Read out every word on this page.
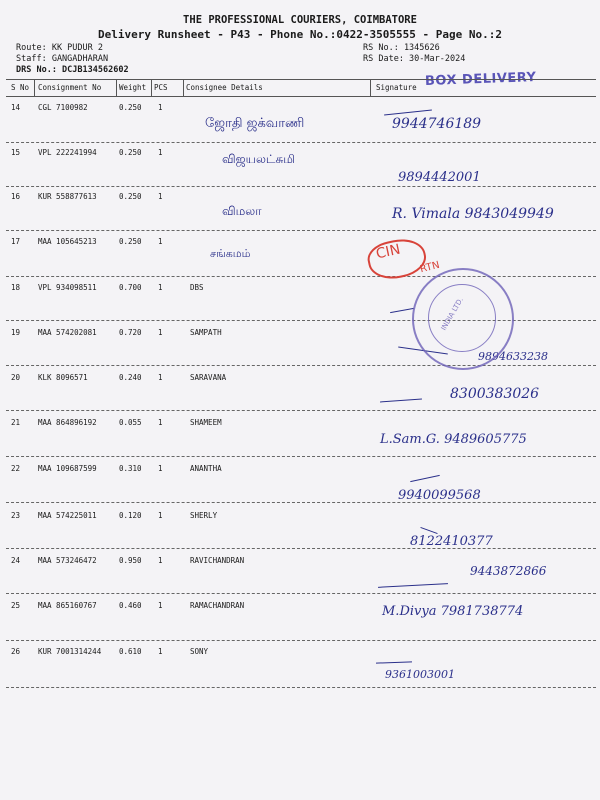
THE PROFESSIONAL COURIERS, COIMBATORE
Delivery Runsheet - P43 - Phone No.:0422-3505555 - Page No.:2
Route: KK PUDUR 2
Staff: GANGADHARAN
DRS No.: DCJB134562602
RS No.: 1345626
RS Date: 30-Mar-2024
BOX DELIVERY
S No Consignment No Weight PCS Consignee Details	Signature
14 CGL 7100982	0.250 1
ஜோதி ஜக்வாணி	9944746189
15 VPL 222241994	0.250 1	விஜயலட்சுமி
9894442001
16 KUR 558877613	0.250 1
விமலா	R. Vimala 9843049949
17 MAA 105645213	0.250 1
சங்கமம்
RTN
18 VPL 934098511	0.700 1	DBS
19 MAA 574202081	0.720 1	SAMPATH
9894633238
20 KLK 8096571	0.240 1	SARAVANA
8300383026
21 MAA 864896192	0.055 1	SHAMEEM
L.Sam.G. 9489605775
22 MAA 109687599	0.310 1	ANANTHA
9940099568
23 MAA 574225011	0.120 1	SHERLY
8122410377
24 MAA 573246472	0.950 1	RAVICHANDRAN
9443872866
25 MAA 865160767	0.460 1	RAMACHANDRAN	M.Divya 7981738774
26 KUR 7001314244 0.610 1	SONY
9361003001
CIN
INDIA LTD.
